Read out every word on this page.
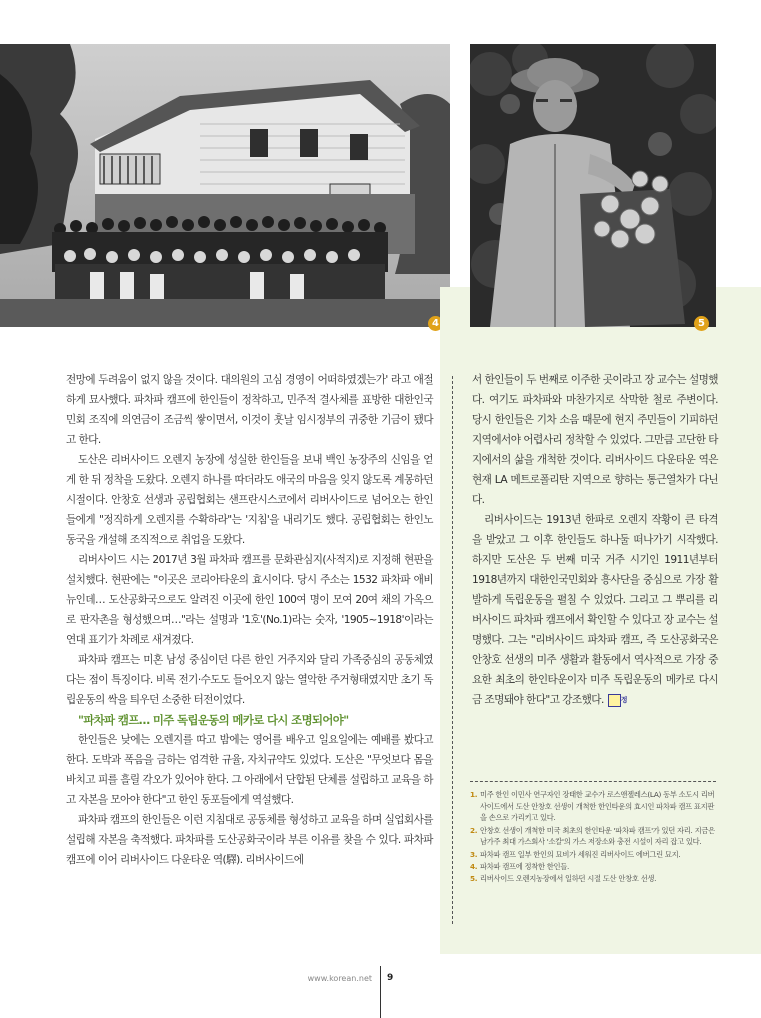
4	5

전망에 두려움이 없지 않을 것이다. 대의원의 고심 경영이 어떠하였겠는가' 라고 애절하게 묘사했다. 파차파 캠프에 한인들이 정착하고, 민주적 결사체를 표방한 대한인국민회 조직에 의연금이 조금씩 쌓이면서, 이것이 훗날 임시정부의 귀중한 기금이 됐다고 한다.

도산은 리버사이드 오렌지 농장에 성실한 한인들을 보내 백인 농장주의 신임을 얻게 한 뒤 정착을 도왔다. 오렌지 하나를 따더라도 애국의 마음을 잊지 않도록 계몽하던 시절이다. 안창호 선생과 공립협회는 샌프란시스코에서 리버사이드로 넘어오는 한인들에게 "정직하게 오렌지를 수확하라"는 '지침'을 내리기도 했다. 공립협회는 한인노동국을 개설해 조직적으로 취업을 도왔다.

리버사이드 시는 2017년 3월 파차파 캠프를 문화관심지(사적지)로 지정해 현판을 설치했다. 현판에는 "이곳은 코리아타운의 효시이다. 당시 주소는 1532 파차파 애비뉴인데… 도산공화국으로도 알려진 이곳에 한인 100여 명이 모여 20여 채의 가옥으로 판자촌을 형성했으며…"라는 설명과 '1호'(No.1)라는 숫자, '1905~1918'이라는 연대 표기가 차례로 새겨졌다.

파차파 캠프는 미혼 남성 중심이던 다른 한인 거주지와 달리 가족중심의 공동체였다는 점이 특징이다. 비록 전기·수도도 들어오지 않는 열악한 주거형태였지만 초기 독립운동의 싹을 틔우던 소중한 터전이었다.

"파차파 캠프… 미주 독립운동의 메카로 다시 조명되어야"

한인들은 낮에는 오렌지를 따고 밤에는 영어를 배우고 일요일에는 예배를 봤다고 한다. 도박과 폭음을 금하는 엄격한 규율, 자치규약도 있었다. 도산은 "무엇보다 몸을 바치고 피를 흘릴 각오가 있어야 한다. 그 아래에서 단합된 단체를 설립하고 교육을 하고 자본을 모아야 한다"고 한인 동포들에게 역설했다.

파차파 캠프의 한인들은 이런 지침대로 공동체를 형성하고 교육을 하며 실업회사를 설립해 자본을 축적했다. 파차파를 도산공화국이라 부른 이유를 찾을 수 있다. 파차파 캠프에 이어 리버사이드 다운타운 역(驛). 리버사이드에

서 한인들이 두 번째로 이주한 곳이라고 장 교수는 설명했다. 여기도 파차파와 마찬가지로 삭막한 철로 주변이다. 당시 한인들은 기차 소음 때문에 현지 주민들이 기피하던 지역에서야 어렵사리 정착할 수 있었다. 그만큼 고단한 타지에서의 삶을 개척한 것이다. 리버사이드 다운타운 역은 현재 LA 메트로폴리탄 지역으로 향하는 통근열차가 다닌다.

리버사이드는 1913년 한파로 오렌지 작황이 큰 타격을 받았고 그 이후 한인들도 하나둘 떠나가기 시작했다. 하지만 도산은 두 번째 미국 거주 시기인 1911년부터 1918년까지 대한인국민회와 흥사단을 중심으로 가장 활발하게 독립운동을 펼칠 수 있었다. 그리고 그 뿌리를 리버사이드 파차파 캠프에서 확인할 수 있다고 장 교수는 설명했다. 그는 "리버사이드 파차파 캠프, 즉 도산공화국은 안창호 선생의 미주 생활과 활동에서 역사적으로 가장 중요한 최초의 한인타운이자 미주 독립운동의 메카로 다시금 조명돼야 한다"고 강조했다. 정

1. 미주 한인 이민사 연구자인 장태한 교수가 로스앤젤레스(LA) 동부 소도시 리버사이드에서 도산 안창호 선생이 개척한 한인타운의 효시인 파차파 캠프 표지판을 손으로 가리키고 있다.
2. 안창호 선생이 개척한 미국 최초의 한인타운 '파차파 캠프'가 있던 자리. 지금은 남가주 최대 가스회사 '소칼'의 가스 저장소와 충전 시설이 자리 잡고 있다.
3. 파차파 캠프 일부 한인의 묘비가 세워진 리버사이드 에버그린 묘지.
4. 파차파 캠프에 정착한 한인들.
5. 리버사이드 오렌지농장에서 일하던 시절 도산 안창호 선생.
www.korean.net 9
